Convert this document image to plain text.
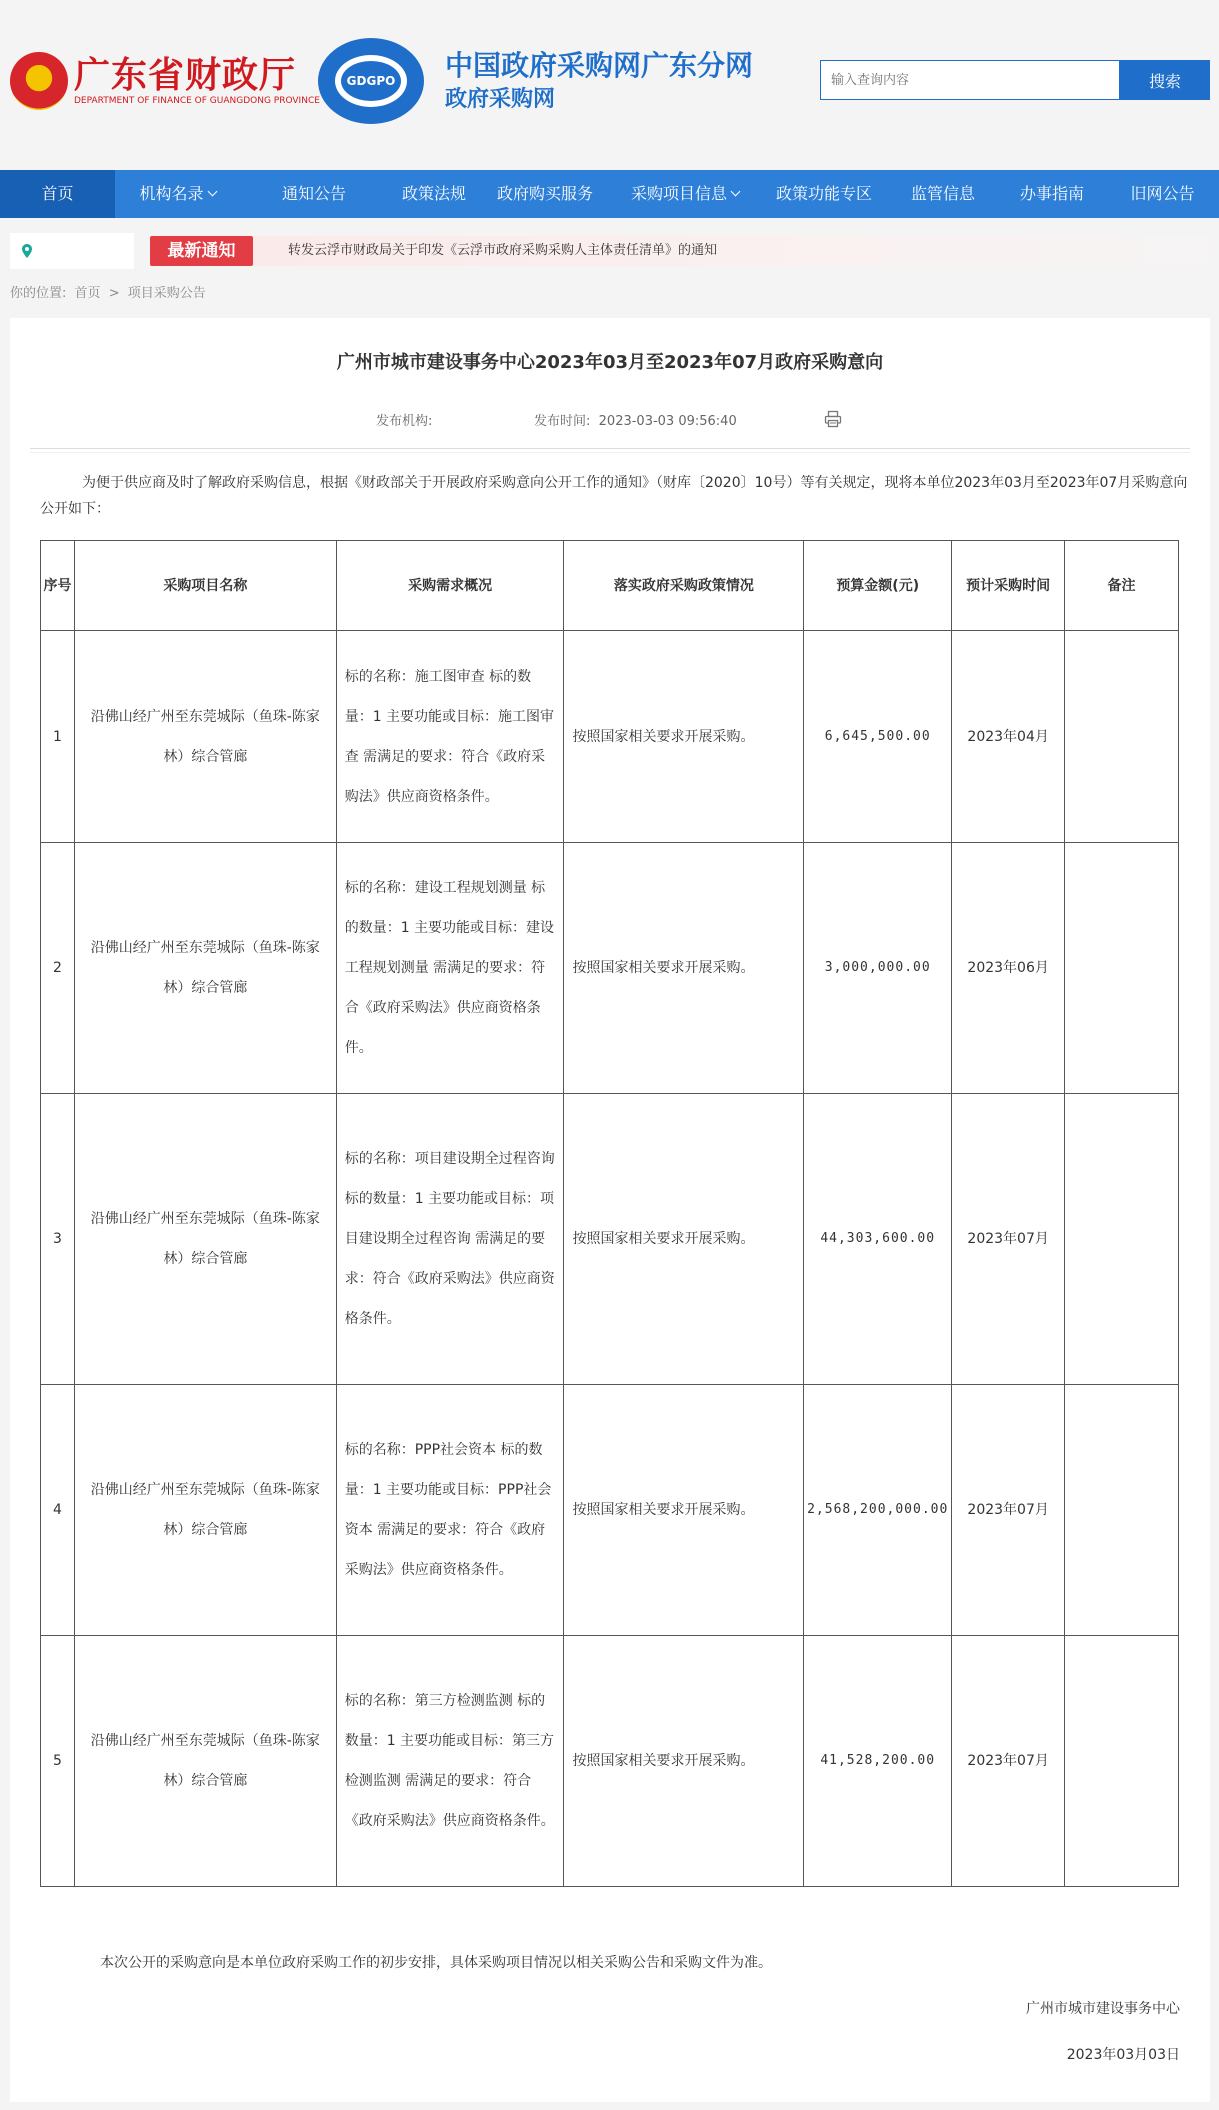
广东省财政厅
DEPARTMENT OF FINANCE OF GUANGDONG PROVINCE
GDGPO	中国政府采购网广东分网
政府采购网
输入查询内容
搜索
首页	机构名录	通知公告	政策法规	政府购买服务	采购项目信息	政策功能专区	监管信息	办事指南	旧网公告
最新通知	转发云浮市财政局关于印发《云浮市政府采购采购人主体责任清单》的通知
你的位置: 首页 > 项目采购公告
广州市城市建设事务中心2023年03月至2023年07月政府采购意向
发布机构:	发布时间: 2023-03-03 09:56:40

为便于供应商及时了解政府采购信息，根据《财政部关于开展政府采购意向公开工作的通知》（财库〔2020〕10号）等有关规定，现将本单位2023年03月至2023年07月采购意向公开如下：

序号	采购项目名称	采购需求概况	落实政府采购政策情况	预算金额(元)	预计采购时间	备注
1	沿佛山经广州至东莞城际（鱼珠-陈家林）综合管廊	标的名称：施工图审查 标的数量：1 主要功能或目标：施工图审查 需满足的要求：符合《政府采购法》供应商资格条件。	按照国家相关要求开展采购。	6,645,500.00	2023年04月	
2	沿佛山经广州至东莞城际（鱼珠-陈家林）综合管廊	标的名称：建设工程规划测量 标的数量：1 主要功能或目标：建设工程规划测量 需满足的要求：符合《政府采购法》供应商资格条件。	按照国家相关要求开展采购。	3,000,000.00	2023年06月	
3	沿佛山经广州至东莞城际（鱼珠-陈家林）综合管廊	标的名称：项目建设期全过程咨询 标的数量：1 主要功能或目标：项目建设期全过程咨询 需满足的要求：符合《政府采购法》供应商资格条件。	按照国家相关要求开展采购。	44,303,600.00	2023年07月	
4	沿佛山经广州至东莞城际（鱼珠-陈家林）综合管廊	标的名称：PPP社会资本 标的数量：1 主要功能或目标：PPP社会资本 需满足的要求：符合《政府采购法》供应商资格条件。	按照国家相关要求开展采购。	2,568,200,000.00	2023年07月	
5	沿佛山经广州至东莞城际（鱼珠-陈家林）综合管廊	标的名称：第三方检测监测 标的数量：1 主要功能或目标：第三方检测监测 需满足的要求：符合《政府采购法》供应商资格条件。	按照国家相关要求开展采购。	41,528,200.00	2023年07月	

本次公开的采购意向是本单位政府采购工作的初步安排，具体采购项目情况以相关采购公告和采购文件为准。

广州市城市建设事务中心

2023年03月03日
